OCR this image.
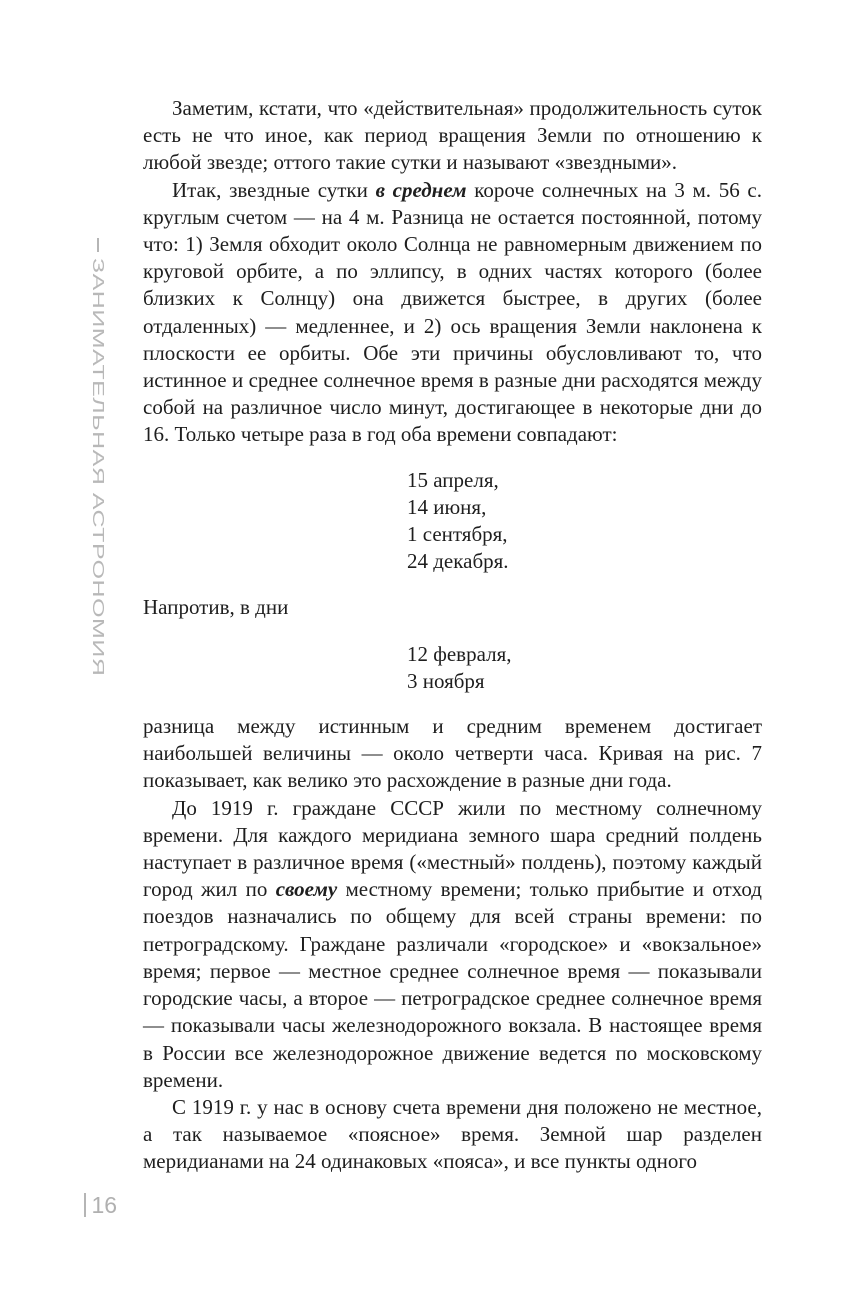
ЗАНИМАТЕЛЬНАЯ АСТРОНОМИЯ
16

Заметим, кстати, что «действительная» продолжительность суток есть не что иное, как период вращения Земли по отношению к любой звезде; оттого такие сутки и называют «звездными».

Итак, звездные сутки в среднем короче солнечных на 3 м. 56 с. круглым счетом — на 4 м. Разница не остается постоянной, потому что: 1) Земля обходит около Солнца не равномерным движением по круговой орбите, а по эллипсу, в одних частях которого (более близких к Солнцу) она движется быстрее, в других (более отдаленных) — медленнее, и 2) ось вращения Земли наклонена к плоскости ее орбиты. Обе эти причины обусловливают то, что истинное и среднее солнечное время в разные дни расходятся между собой на различное число минут, достигающее в некоторые дни до 16. Только четыре раза в год оба времени совпадают:

15 апреля,
14 июня,
1 сентября,
24 декабря.

Напротив, в дни

12 февраля,
3 ноября

разница между истинным и средним временем достигает наибольшей величины — около четверти часа. Кривая на рис. 7 показывает, как велико это расхождение в разные дни года.

До 1919 г. граждане СССР жили по местному солнечному времени. Для каждого меридиана земного шара средний полдень наступает в различное время («местный» полдень), поэтому каждый город жил по своему местному времени; только прибытие и отход поездов назначались по общему для всей страны времени: по петроградскому. Граждане различали «городское» и «вокзальное» время; первое — местное среднее солнечное время — показывали городские часы, а второе — петроградское среднее солнечное время — показывали часы железнодорожного вокзала. В настоящее время в России все железнодорожное движение ведется по московскому времени.

С 1919 г. у нас в основу счета времени дня положено не местное, а так называемое «поясное» время. Земной шар разделен меридианами на 24 одинаковых «пояса», и все пункты одного
